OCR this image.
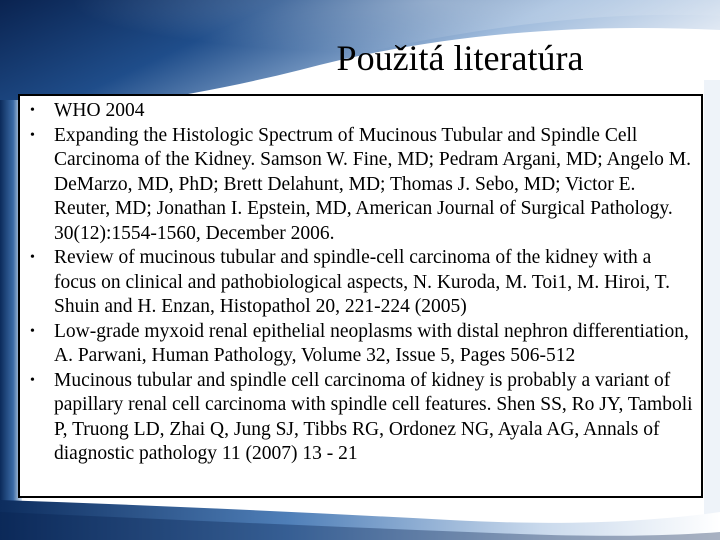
Použitá literatúra
• WHO 2004
• Expanding the Histologic Spectrum of Mucinous Tubular and Spindle Cell Carcinoma of the Kidney. Samson W. Fine, MD; Pedram Argani, MD; Angelo M. DeMarzo, MD, PhD; Brett Delahunt, MD; Thomas J. Sebo, MD; Victor E. Reuter, MD; Jonathan I. Epstein, MD, American Journal of Surgical Pathology. 30(12):1554-1560, December 2006.
• Review of mucinous tubular and spindle-cell carcinoma of the kidney with a focus on clinical and pathobiological aspects, N. Kuroda, M. Toi1, M. Hiroi, T. Shuin and H. Enzan, Histopathol 20, 221-224 (2005)
• Low-grade myxoid renal epithelial neoplasms with distal nephron differentiation, A. Parwani, Human Pathology, Volume 32, Issue 5, Pages 506-512
• Mucinous tubular and spindle cell carcinoma of kidney is probably a variant of papillary renal cell carcinoma with spindle cell features. Shen SS, Ro JY, Tamboli P, Truong LD, Zhai Q, Jung SJ, Tibbs RG, Ordonez NG, Ayala AG, Annals of diagnostic pathology 11 (2007) 13 - 21
